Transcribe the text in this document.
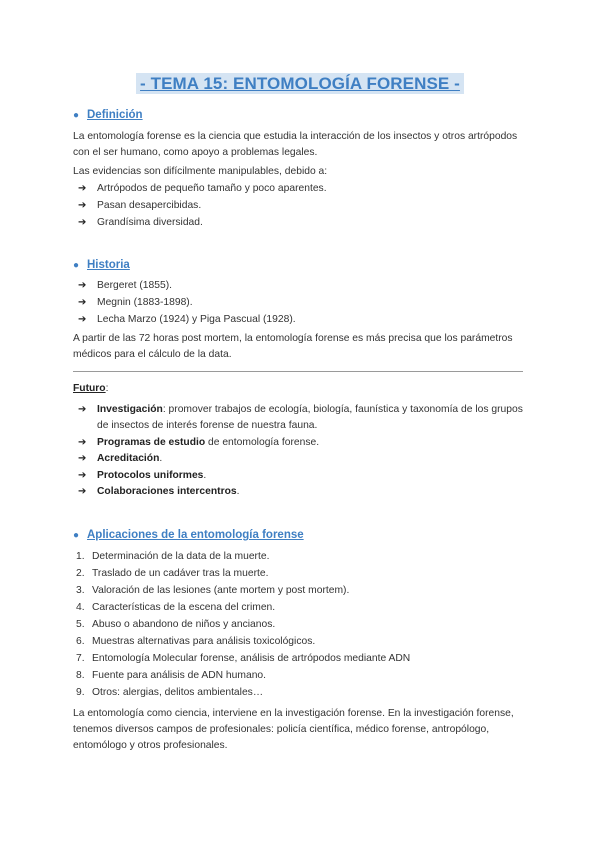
- TEMA 15: ENTOMOLOGÍA FORENSE -
● Definición
La entomología forense es la ciencia que estudia la interacción de los insectos y otros artrópodos con el ser humano, como apoyo a problemas legales.
Las evidencias son difícilmente manipulables, debido a:
➔ Artrópodos de pequeño tamaño y poco aparentes.
➔ Pasan desapercibidas.
➔ Grandísima diversidad.
● Historia
➔ Bergeret (1855).
➔ Megnin (1883-1898).
➔ Lecha Marzo (1924) y Piga Pascual (1928).
A partir de las 72 horas post mortem, la entomología forense es más precisa que los parámetros médicos para el cálculo de la data.
Futuro:
➔ Investigación: promover trabajos de ecología, biología, faunística y taxonomía de los grupos de insectos de interés forense de nuestra fauna.
➔ Programas de estudio de entomología forense.
➔ Acreditación.
➔ Protocolos uniformes.
➔ Colaboraciones intercentros.
● Aplicaciones de la entomología forense
1. Determinación de la data de la muerte.
2. Traslado de un cadáver tras la muerte.
3. Valoración de las lesiones (ante mortem y post mortem).
4. Características de la escena del crimen.
5. Abuso o abandono de niños y ancianos.
6. Muestras alternativas para análisis toxicológicos.
7. Entomología Molecular forense, análisis de artrópodos mediante ADN
8. Fuente para análisis de ADN humano.
9. Otros: alergias, delitos ambientales…
La entomología como ciencia, interviene en la investigación forense. En la investigación forense, tenemos diversos campos de profesionales: policía científica, médico forense, antropólogo, entomólogo y otros profesionales.
